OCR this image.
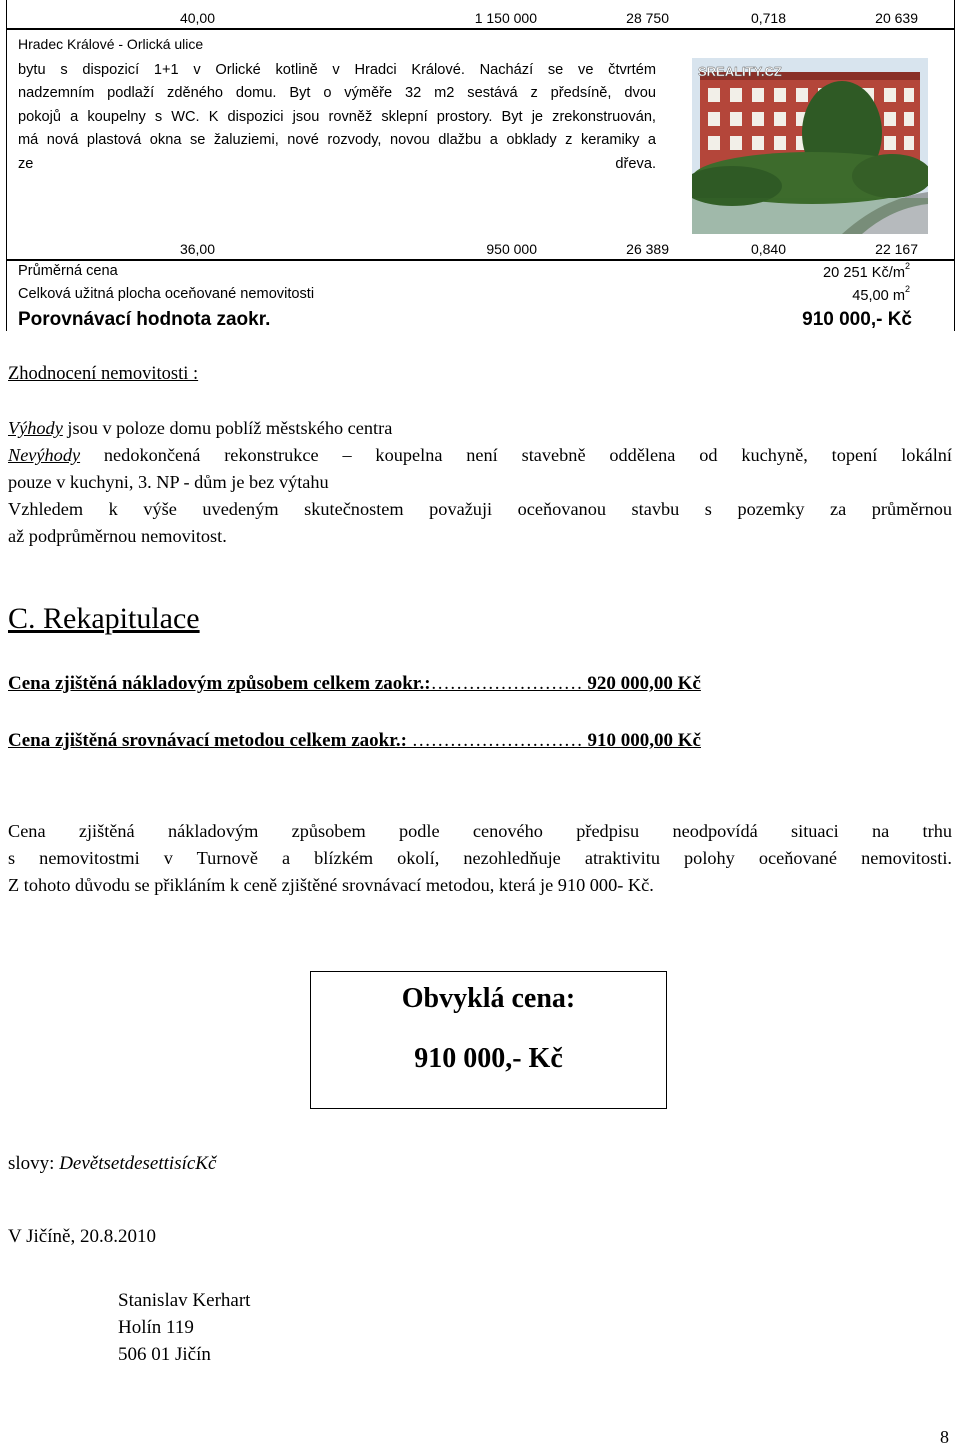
40,00	1 150 000	28 750	0,718	20 639
Hradec Králové - Orlická ulice
bytu s dispozicí 1+1 v Orlické kotlině v Hradci Králové. Nachází se ve čtvrtém
nadzemním podlaží zděného domu. Byt o výměře 32 m2 sestává z předsíně, dvou
pokojů a koupelny s WC. K dispozici jsou rovněž sklepní prostory. Byt je zrekonstruován,
má nová plastová okna se žaluziemi, nové rozvody, novou dlažbu a obklady z keramiky a
ze dřeva.
SREALITY.CZ
36,00	950 000	26 389	0,840	22 167
Průměrná cena	20 251 $Kč/m^2$
Celková užitná plocha oceňované nemovitosti	45,00 $m^2$
Porovnávací hodnota zaokr.	910 000,- Kč
Zhodnocení nemovitosti :
Výhody jsou v poloze domu poblíž městského centra
Nevýhody nedokončená rekonstrukce – koupelna není stavebně oddělena od kuchyně, topení lokální
pouze v kuchyni, 3. NP - dům je bez výtahu
Vzhledem k výše uvedeným skutečnostem považuji oceňovanou stavbu s pozemky za průměrnou
až podprůměrnou nemovitost.
C. Rekapitulace
Cena zjištěná nákladovým způsobem celkem zaokr.:…………………… 920 000,00 Kč
Cena zjištěná srovnávací metodou celkem zaokr.: ……………………… 910 000,00 Kč
Cena zjištěná nákladovým způsobem podle cenového předpisu neodpovídá situaci na trhu
s nemovitostmi v Turnově a blízkém okolí, nezohledňuje atraktivitu polohy oceňované nemovitosti.
Z tohoto důvodu se přikláním k ceně zjištěné srovnávací metodou, která je 910 000- Kč.
Obvyklá cena:
910 000,- Kč
slovy: DevětsetdesettisícKč
V Jičíně, 20.8.2010
Stanislav Kerhart
Holín 119
506 01 Jičín
8
